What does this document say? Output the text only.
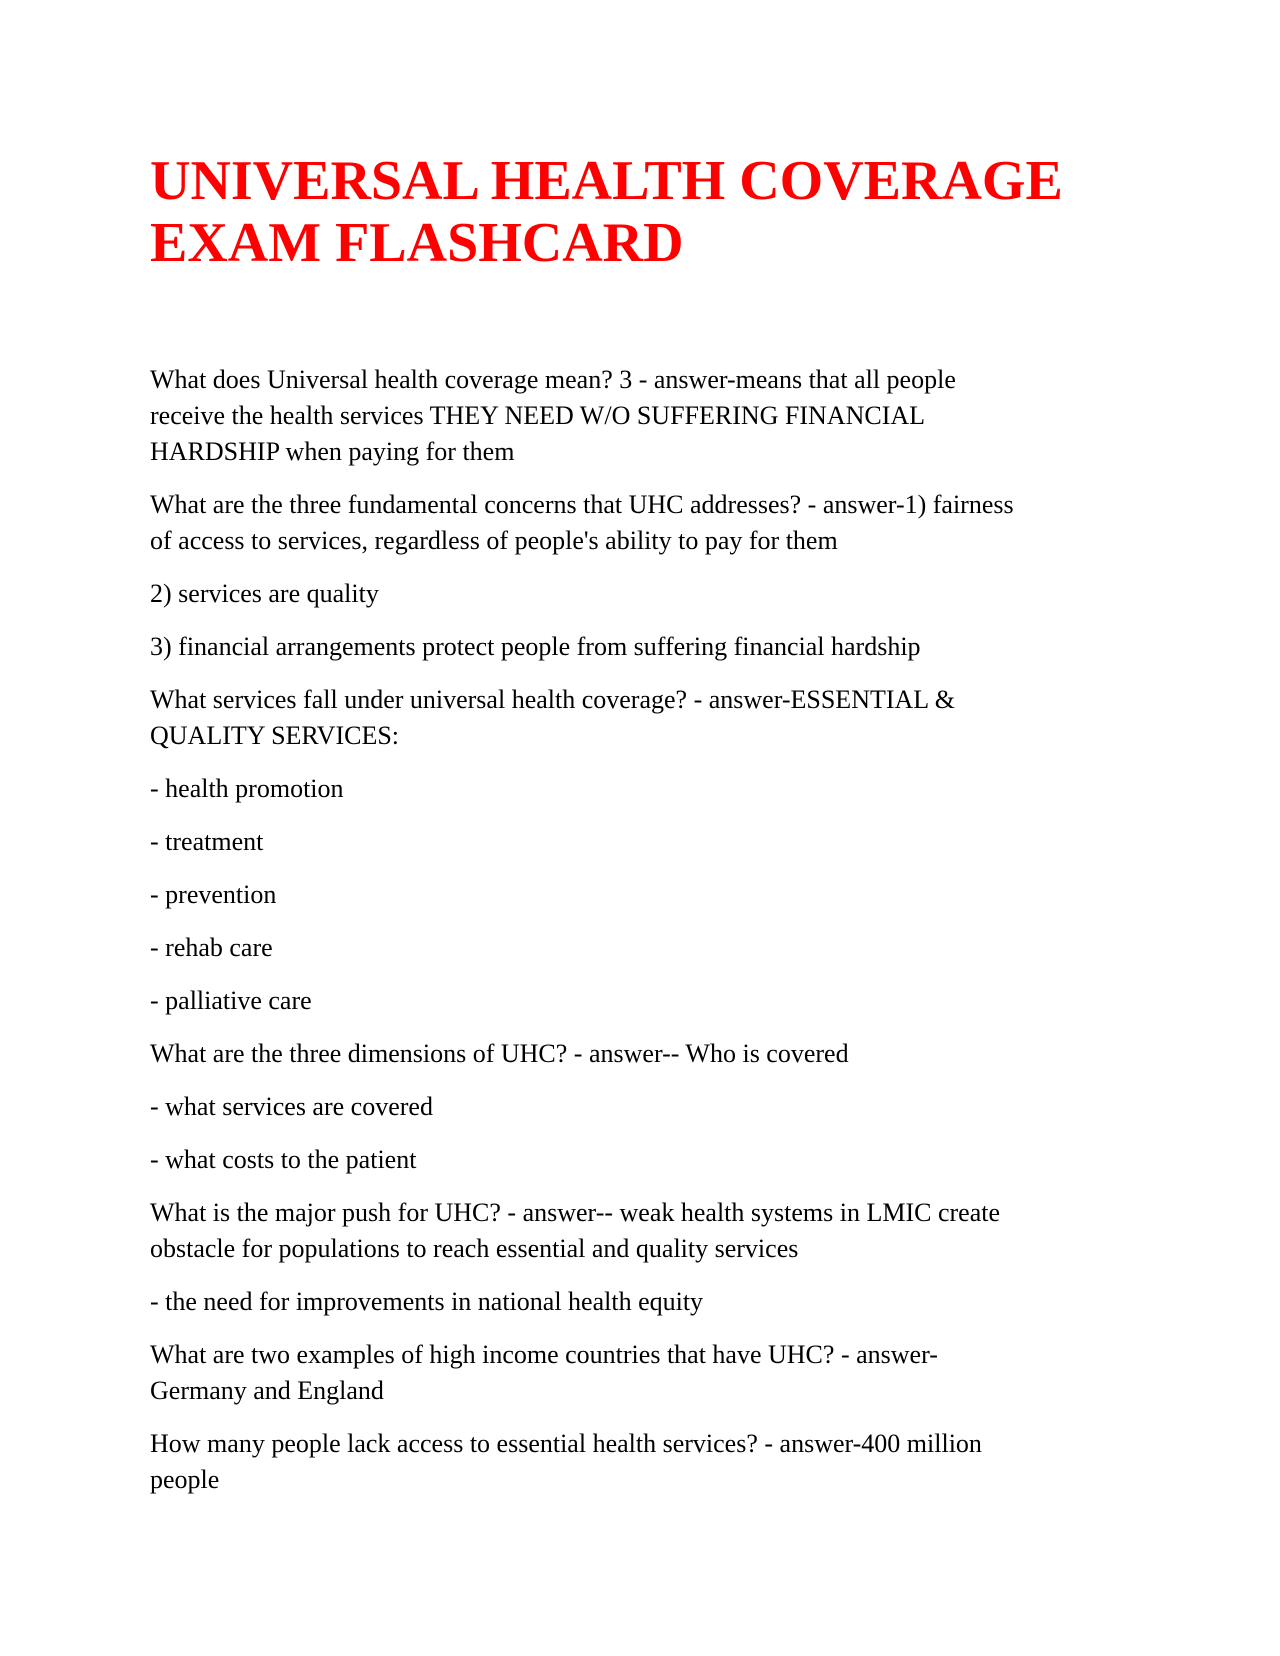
UNIVERSAL HEALTH COVERAGE
EXAM FLASHCARD

What does Universal health coverage mean? 3 - answer-means that all people
receive the health services THEY NEED W/O SUFFERING FINANCIAL
HARDSHIP when paying for them

What are the three fundamental concerns that UHC addresses? - answer-1) fairness
of access to services, regardless of people's ability to pay for them

2) services are quality

3) financial arrangements protect people from suffering financial hardship

What services fall under universal health coverage? - answer-ESSENTIAL &
QUALITY SERVICES:

- health promotion

- treatment

- prevention

- rehab care

- palliative care

What are the three dimensions of UHC? - answer-- Who is covered

- what services are covered

- what costs to the patient

What is the major push for UHC? - answer-- weak health systems in LMIC create
obstacle for populations to reach essential and quality services

- the need for improvements in national health equity

What are two examples of high income countries that have UHC? - answer-
Germany and England

How many people lack access to essential health services? - answer-400 million
people
